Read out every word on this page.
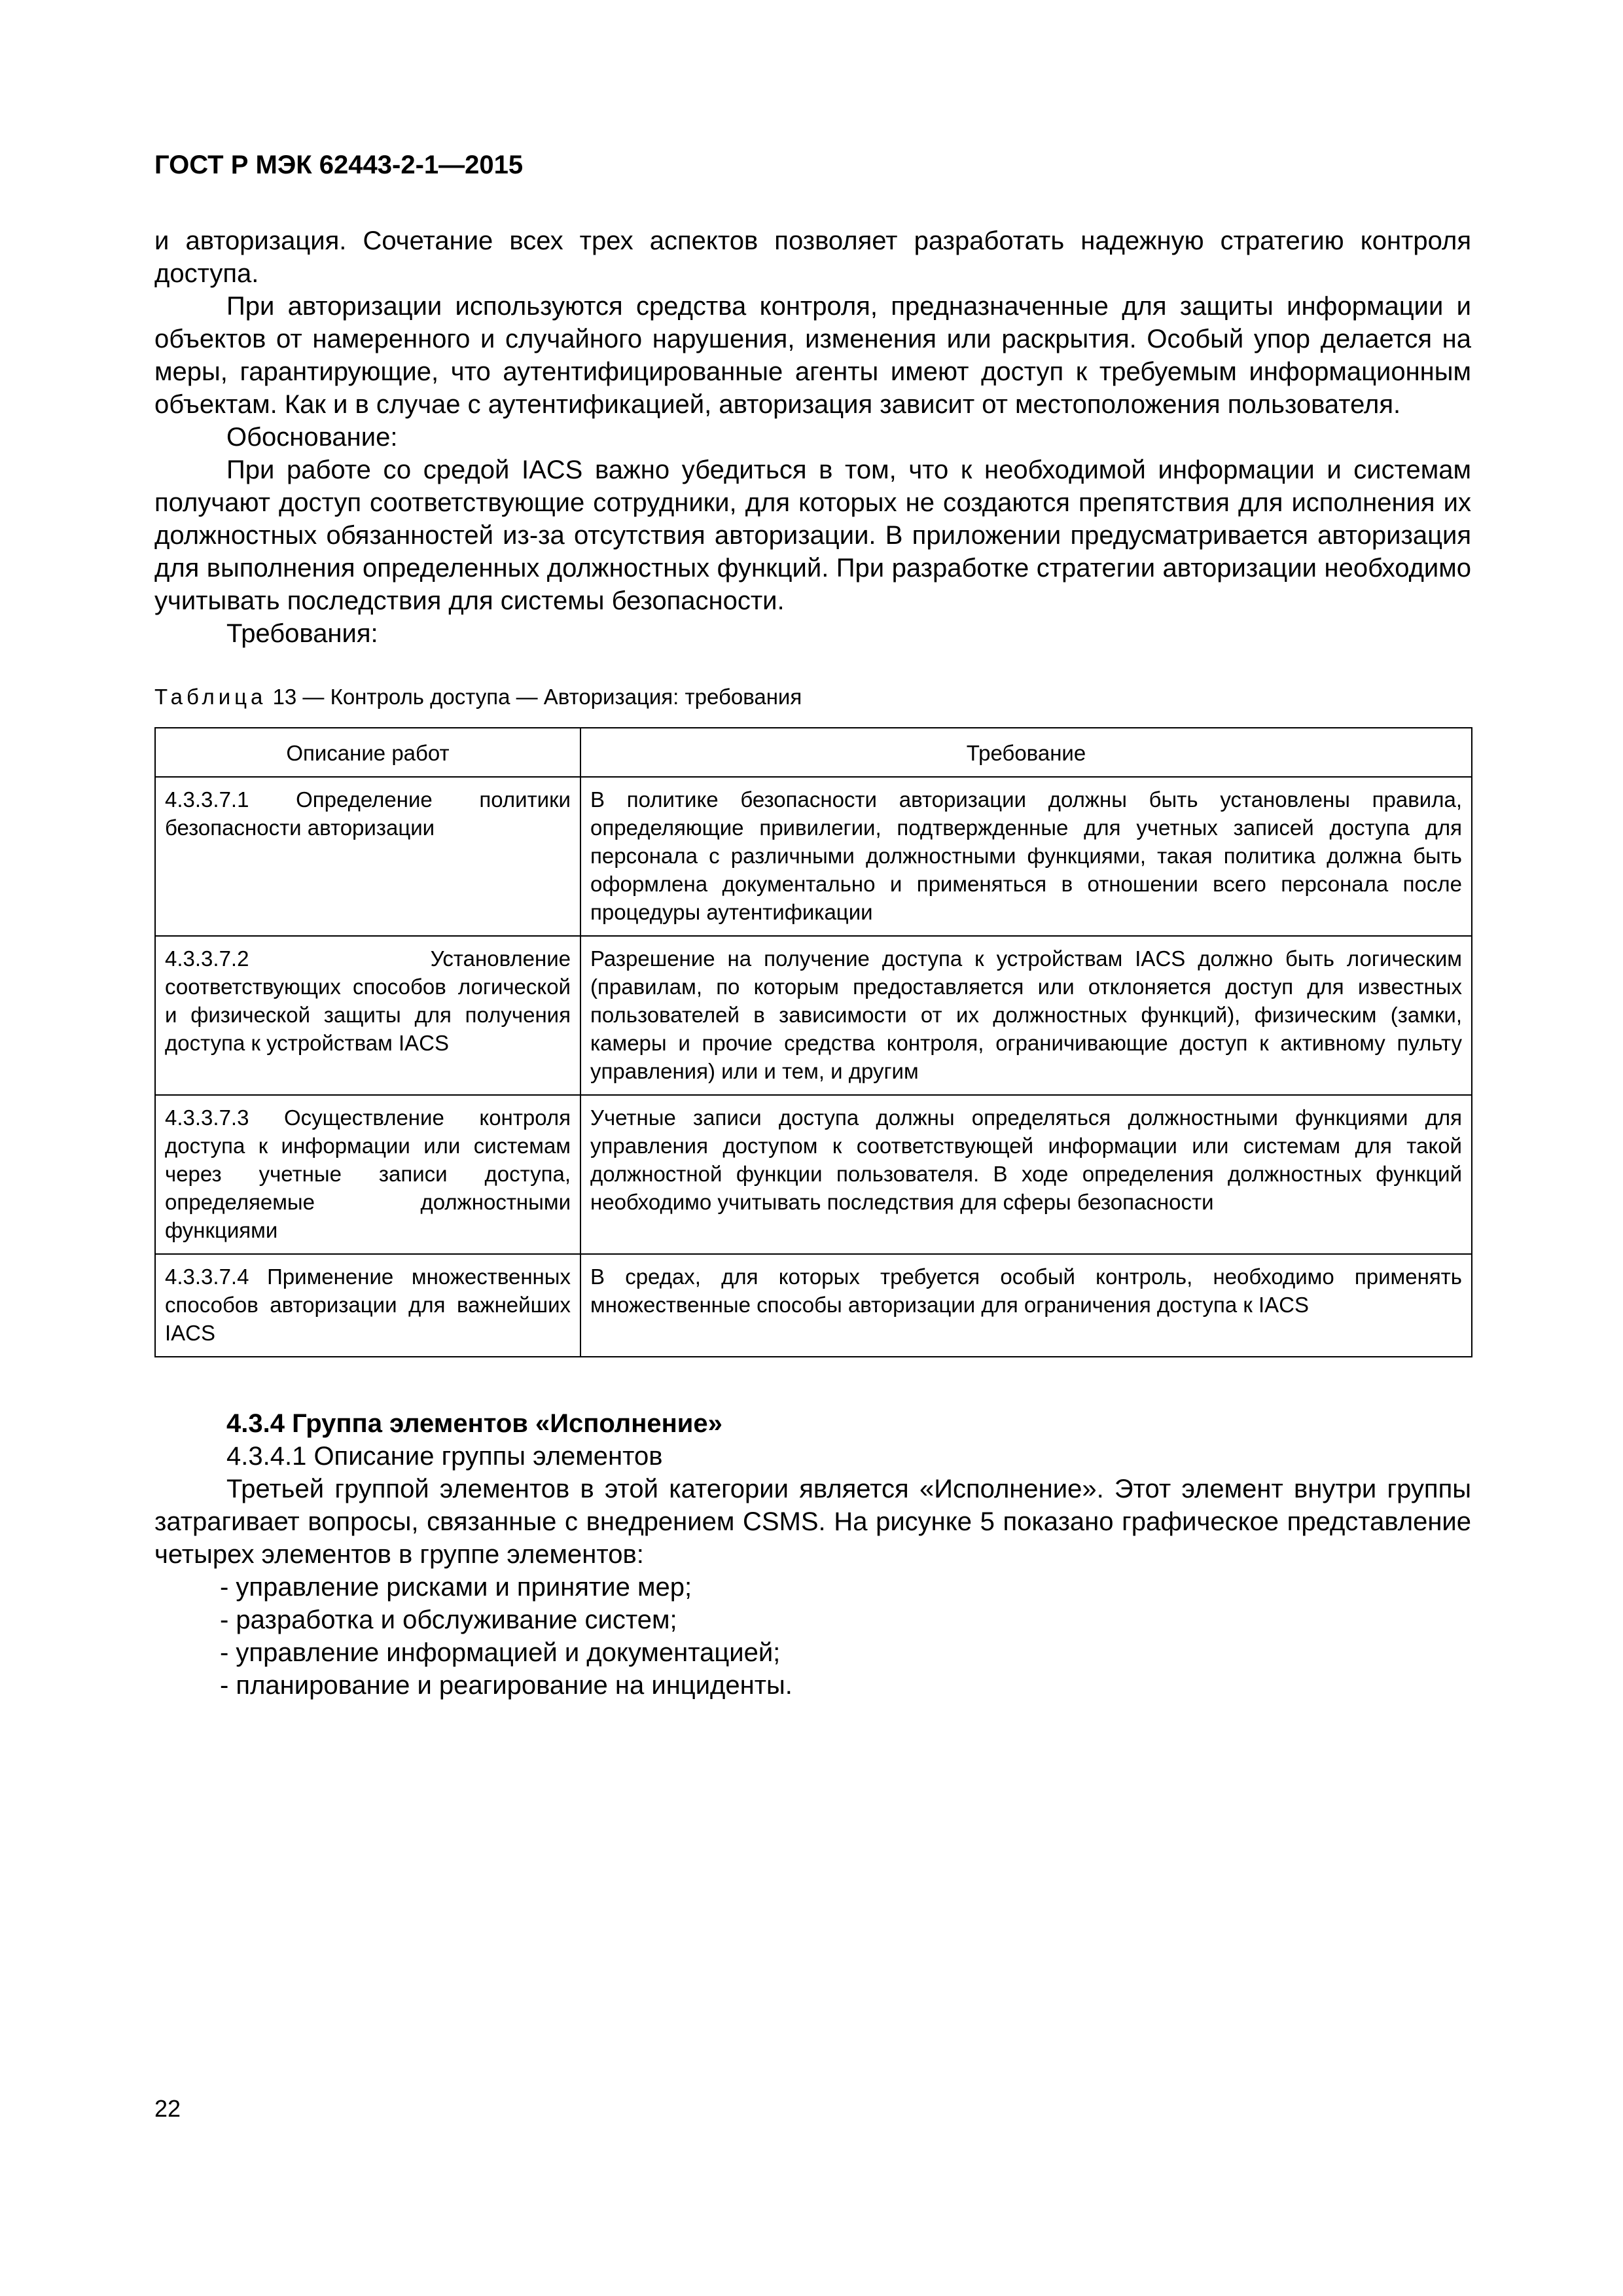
ГОСТ Р МЭК 62443-2-1—2015

и авторизация. Сочетание всех трех аспектов позволяет разработать надежную стратегию контроля доступа.

При авторизации используются средства контроля, предназначенные для защиты информации и объектов от намеренного и случайного нарушения, изменения или раскрытия. Особый упор делается на меры, гарантирующие, что аутентифицированные агенты имеют доступ к требуемым информационным объектам. Как и в случае с аутентификацией, авторизация зависит от местоположения пользователя.

Обоснование:

При работе со средой IACS важно убедиться в том, что к необходимой информации и системам получают доступ соответствующие сотрудники, для которых не создаются препятствия для исполнения их должностных обязанностей из-за отсутствия авторизации. В приложении предусматривается авторизация для выполнения определенных должностных функций. При разработке стратегии авторизации необходимо учитывать последствия для системы безопасности.

Требования:

Таблица 13 — Контроль доступа — Авторизация: требования
Описание работ	Требование
4.3.3.7.1 Определение политики безопасности авторизации	В политике безопасности авторизации должны быть установлены правила, определяющие привилегии, подтвержденные для учетных записей доступа для персонала с различными должностными функциями, такая политика должна быть оформлена документально и применяться в отношении всего персонала после процедуры аутентификации
4.3.3.7.2 Установление соответствующих способов логической и физической защиты для получения доступа к устройствам IACS	Разрешение на получение доступа к устройствам IACS должно быть логическим (правилам, по которым предоставляется или отклоняется доступ для известных пользователей в зависимости от их должностных функций), физическим (замки, камеры и прочие средства контроля, ограничивающие доступ к активному пульту управления) или и тем, и другим
4.3.3.7.3 Осуществление контроля доступа к информации или системам через учетные записи доступа, определяемые должностными функциями	Учетные записи доступа должны определяться должностными функциями для управления доступом к соответствующей информации или системам для такой должностной функции пользователя. В ходе определения должностных функций необходимо учитывать последствия для сферы безопасности
4.3.3.7.4 Применение множественных способов авторизации для важнейших IACS	В средах, для которых требуется особый контроль, необходимо применять множественные способы авторизации для ограничения доступа к IACS
4.3.4 Группа элементов «Исполнение»
4.3.4.1 Описание группы элементов

Третьей группой элементов в этой категории является «Исполнение». Этот элемент внутри группы затрагивает вопросы, связанные с внедрением CSMS. На рисунке 5 показано графическое представление четырех элементов в группе элементов:

- управление рисками и принятие мер;

- разработка и обслуживание систем;

- управление информацией и документацией;

- планирование и реагирование на инциденты.

22
